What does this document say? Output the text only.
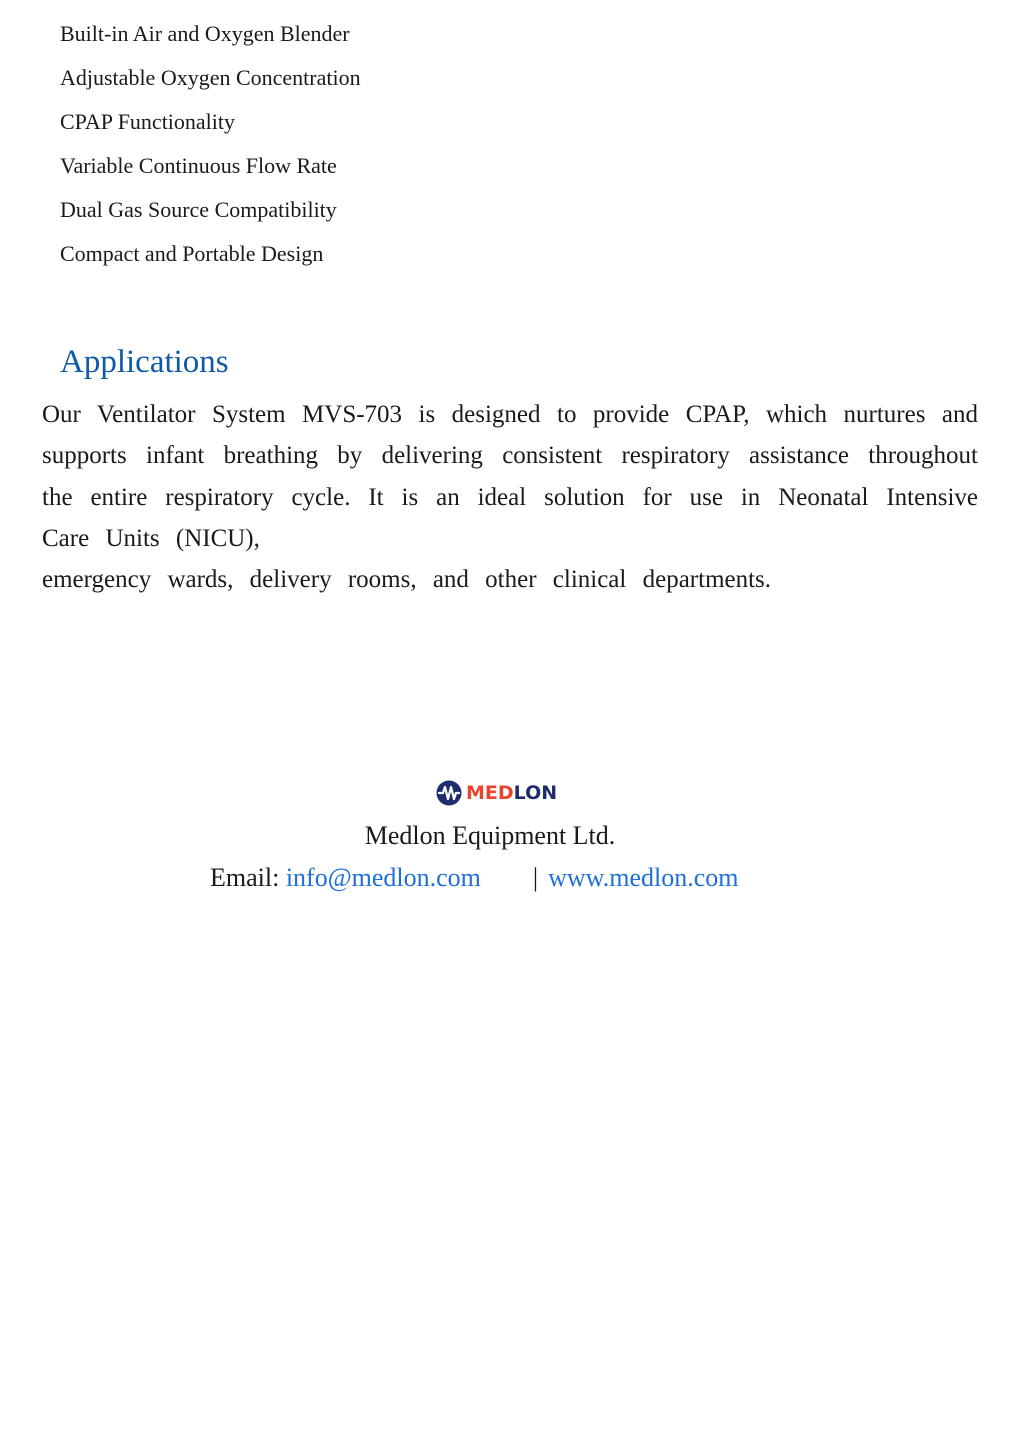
Built-in Air and Oxygen Blender
Adjustable Oxygen Concentration
CPAP Functionality
Variable Continuous Flow Rate
Dual Gas Source Compatibility
Compact and Portable Design
Applications
Our Ventilator System MVS-703 is designed to provide CPAP, which nurtures and supports infant breathing by delivering consistent respiratory assistance throughout the entire respiratory cycle. It is an ideal solution for use in Neonatal Intensive Care Units (NICU),
emergency wards, delivery rooms, and other clinical departments.
MEDLON
Medlon Equipment Ltd.
Email: info@medlon.com | www.medlon.com
